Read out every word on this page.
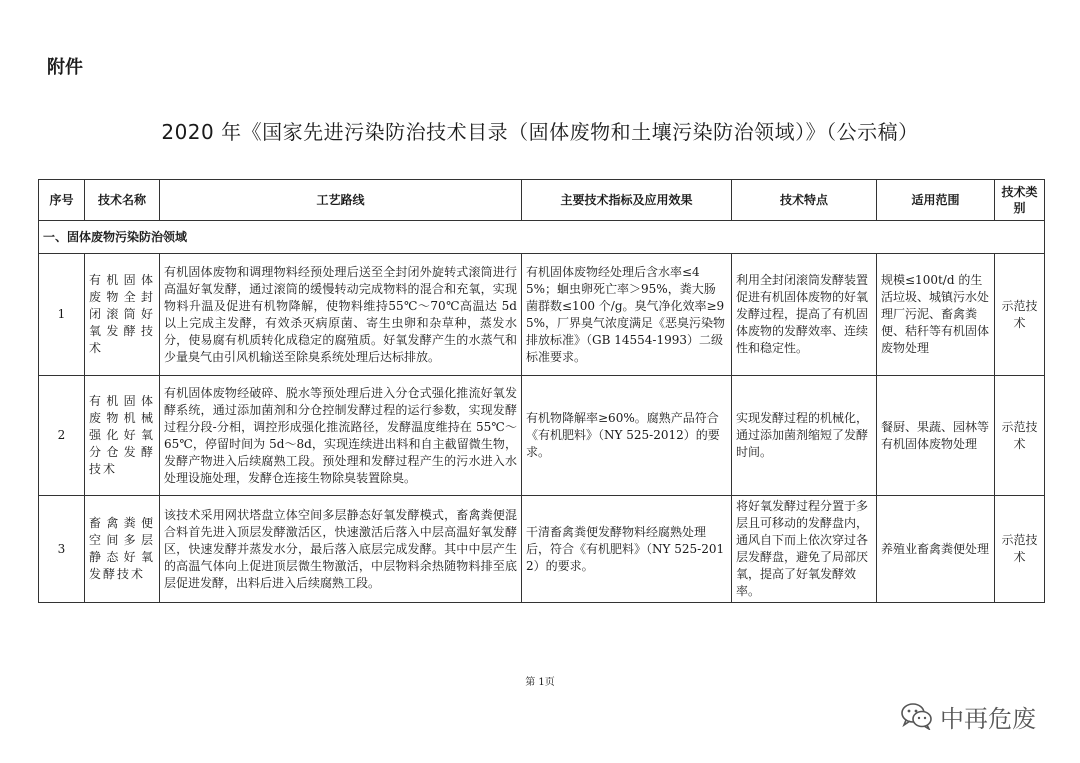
附件
2020 年《国家先进污染防治技术目录（固体废物和土壤污染防治领域）》（公示稿）
序号	技术名称	工艺路线	主要技术指标及应用效果	技术特点	适用范围	技术类别
一、固体废物污染防治领域						
1	有机固体废物全封闭滚筒好氧发酵技术	有机固体废物和调理物料经预处理后送至全封闭外旋转式滚筒进行高温好氧发酵，通过滚筒的缓慢转动完成物料的混合和充氧，实现物料升温及促进有机物降解，使物料维持55℃～70℃高温达 5d 以上完成主发酵，有效杀灭病原菌、寄生虫卵和杂草种，蒸发水分，使易腐有机质转化成稳定的腐殖质。好氧发酵产生的水蒸气和少量臭气由引风机输送至除臭系统处理后达标排放。	有机固体废物经处理后含水率≤45%；蛔虫卵死亡率＞95%，粪大肠菌群数≤100 个/g。臭气净化效率≥95%，厂界臭气浓度满足《恶臭污染物排放标准》（GB 14554-1993）二级标准要求。	利用全封闭滚筒发酵装置促进有机固体废物的好氧发酵过程，提高了有机固体废物的发酵效率、连续性和稳定性。	规模≤100t/d 的生活垃圾、城镇污水处理厂污泥、畜禽粪便、秸秆等有机固体废物处理	示范技术
2	有机固体废物机械强化好氧分仓发酵技术	有机固体废物经破碎、脱水等预处理后进入分仓式强化推流好氧发酵系统，通过添加菌剂和分仓控制发酵过程的运行参数，实现发酵过程分段-分相，调控形成强化推流路径，发酵温度维持在 55℃～65℃，停留时间为 5d～8d，实现连续进出料和自主截留微生物，发酵产物进入后续腐熟工段。预处理和发酵过程产生的污水进入水处理设施处理，发酵仓连接生物除臭装置除臭。	有机物降解率≥60%。腐熟产品符合《有机肥料》（NY 525-2012）的要求。	实现发酵过程的机械化，通过添加菌剂缩短了发酵时间。	餐厨、果蔬、园林等有机固体废物处理	示范技术
3	畜禽粪便空间多层静态好氧发酵技术	该技术采用网状塔盘立体空间多层静态好氧发酵模式，畜禽粪便混合料首先进入顶层发酵激活区，快速激活后落入中层高温好氧发酵区，快速发酵并蒸发水分，最后落入底层完成发酵。其中中层产生的高温气体向上促进顶层微生物激活，中层物料余热随物料排至底层促进发酵，出料后进入后续腐熟工段。	干清畜禽粪便发酵物料经腐熟处理后，符合《有机肥料》（NY 525-2012）的要求。	将好氧发酵过程分置于多层且可移动的发酵盘内，通风自下而上依次穿过各层发酵盘，避免了局部厌氧，提高了好氧发酵效率。	养殖业畜禽粪便处理	示范技术
第 1页
中再危废
